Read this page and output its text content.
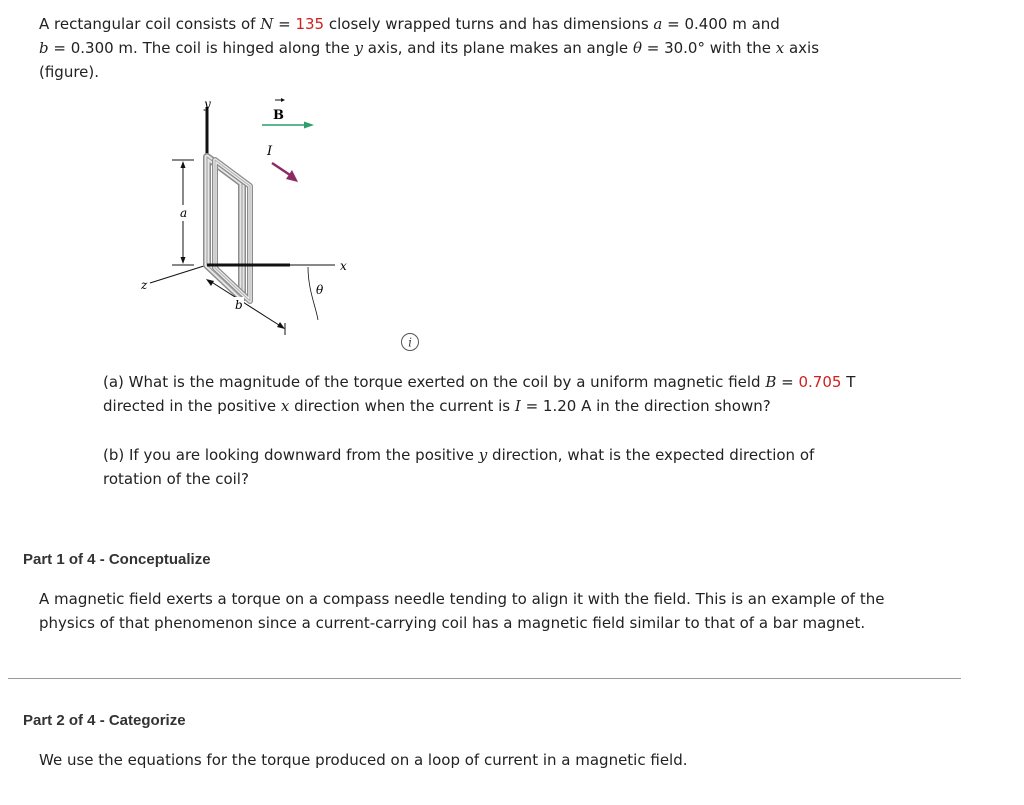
A rectangular coil consists of N = 135 closely wrapped turns and has dimensions a = 0.400 m and
b = 0.300 m. The coil is hinged along the y axis, and its plane makes an angle θ = 30.0° with the x axis
(figure).
y
B
I
a
z
x
θ
b
i
(a) What is the magnitude of the torque exerted on the coil by a uniform magnetic field B = 0.705 T
directed in the positive x direction when the current is I = 1.20 A in the direction shown?
(b) If you are looking downward from the positive y direction, what is the expected direction of
rotation of the coil?
Part 1 of 4 - Conceptualize

A magnetic field exerts a torque on a compass needle tending to align it with the field. This is an example of the physics of that phenomenon since a current-carrying coil has a magnetic field similar to that of a bar magnet.

Part 2 of 4 - Categorize

We use the equations for the torque produced on a loop of current in a magnetic field.
